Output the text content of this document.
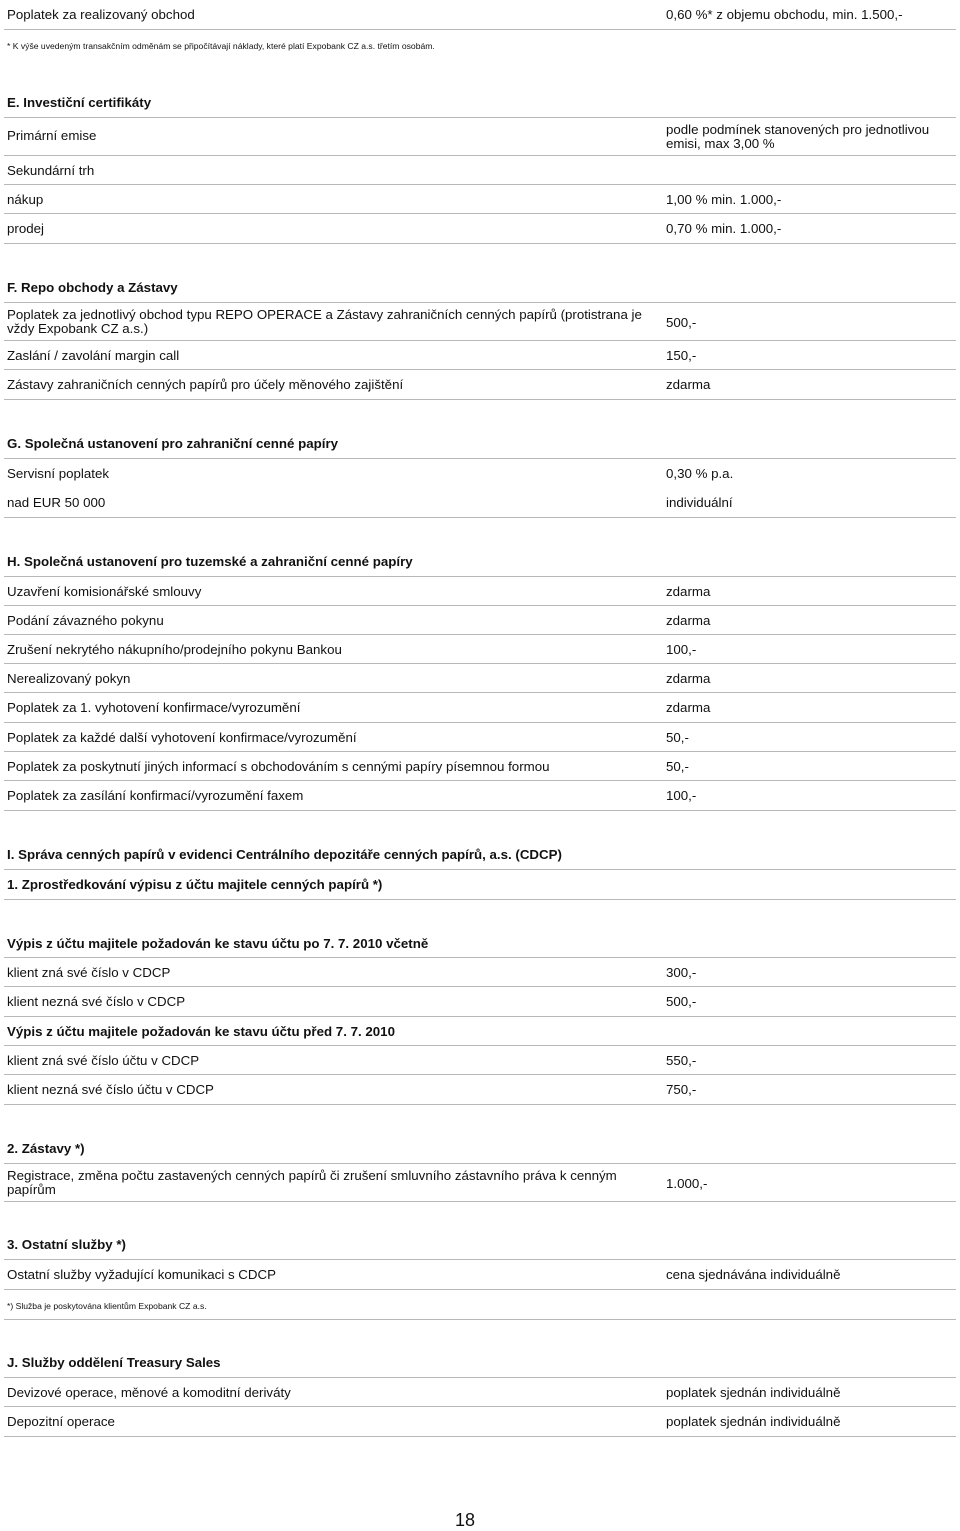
Poplatek za realizovaný obchod	0,60 %* z objemu obchodu, min. 1.500,-
* K výše uvedeným transakčním odměnám se připočítávají náklady, které platí Expobank CZ a.s. třetím osobám.
E. Investiční certifikáty
Primární emise	podle podmínek stanovených pro jednotlivou emisi, max 3,00 %
Sekundární trh
nákup	1,00 % min. 1.000,-
prodej	0,70 % min. 1.000,-
F. Repo obchody a Zástavy
Poplatek za jednotlivý obchod typu REPO OPERACE a Zástavy zahraničních cenných papírů (protistrana je vždy Expobank CZ a.s.)	500,-
Zaslání / zavolání margin call	150,-
Zástavy zahraničních cenných papírů pro účely měnového zajištění	zdarma
G. Společná ustanovení pro zahraniční cenné papíry
Servisní poplatek	0,30 % p.a.
nad EUR 50 000	individuální
H. Společná ustanovení pro tuzemské a zahraniční cenné papíry
Uzavření komisionářské smlouvy	zdarma
Podání závazného pokynu	zdarma
Zrušení nekrytého nákupního/prodejního pokynu Bankou	100,-
Nerealizovaný pokyn	zdarma
Poplatek za 1. vyhotovení konfirmace/vyrozumění	zdarma
Poplatek za každé další vyhotovení konfirmace/vyrozumění	50,-
Poplatek za poskytnutí jiných informací s obchodováním s cennými papíry písemnou formou	50,-
Poplatek za zasílání konfirmací/vyrozumění faxem	100,-
I. Správa cenných papírů v evidenci Centrálního depozitáře cenných papírů, a.s. (CDCP)
1. Zprostředkování výpisu z účtu majitele cenných papírů *)
Výpis z účtu majitele požadován ke stavu účtu po 7. 7. 2010 včetně
klient zná své číslo v CDCP	300,-
klient nezná své číslo v CDCP	500,-
Výpis z účtu majitele požadován ke stavu účtu před 7. 7. 2010
klient zná své číslo účtu v CDCP	550,-
klient nezná své číslo účtu v CDCP	750,-
2. Zástavy *)
Registrace, změna počtu zastavených cenných papírů či zrušení smluvního zástavního práva k cenným papírům	1.000,-
3. Ostatní služby *)
Ostatní služby vyžadující komunikaci s CDCP	cena sjednávána individuálně
*) Služba je poskytována klientům Expobank CZ a.s.
J. Služby oddělení Treasury Sales
Devizové operace, měnové a komoditní deriváty	poplatek sjednán individuálně
Depozitní operace	poplatek sjednán individuálně
18
